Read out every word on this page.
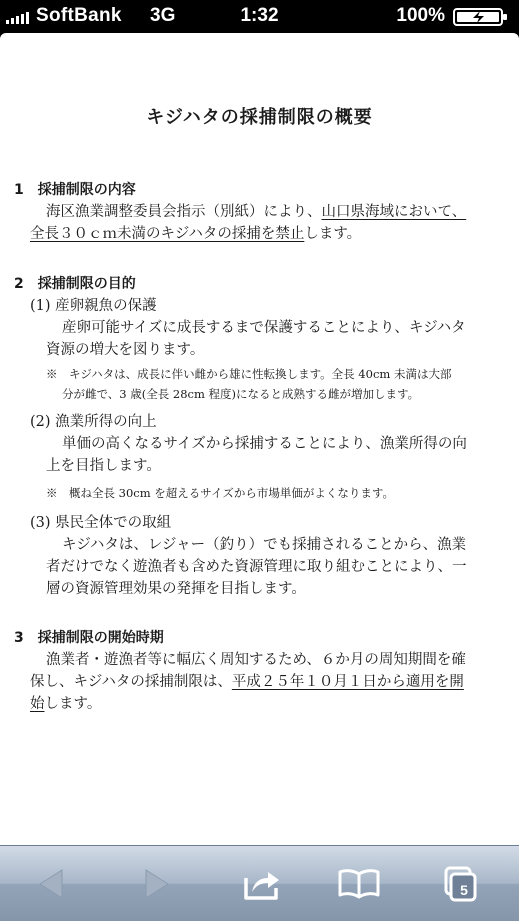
SoftBank 3G	1:32	100%
キジハタの採捕制限の概要
1　採捕制限の内容
海区漁業調整委員会指示（別紙）により、山口県海域において、
全長３０ｃｍ未満のキジハタの採捕を禁止します。
2　採捕制限の目的
(1) 産卵親魚の保護
産卵可能サイズに成長するまで保護することにより、キジハタ
資源の増大を図ります。
※　キジハタは、成長に伴い雌から雄に性転換します。全長 40cm 未満は大部
分が雌で、3 歳(全長 28cm 程度)になると成熟する雌が増加します。
(2) 漁業所得の向上
単価の高くなるサイズから採捕することにより、漁業所得の向
上を目指します。
※　概ね全長 30cm を超えるサイズから市場単価がよくなります。
(3) 県民全体での取組
キジハタは、レジャー（釣り）でも採捕されることから、漁業
者だけでなく遊漁者も含めた資源管理に取り組むことにより、一
層の資源管理効果の発揮を目指します。
3　採捕制限の開始時期
漁業者・遊漁者等に幅広く周知するため、６か月の周知期間を確
保し、キジハタの採捕制限は、平成２５年１０月１日から適用を開
始します。
5
